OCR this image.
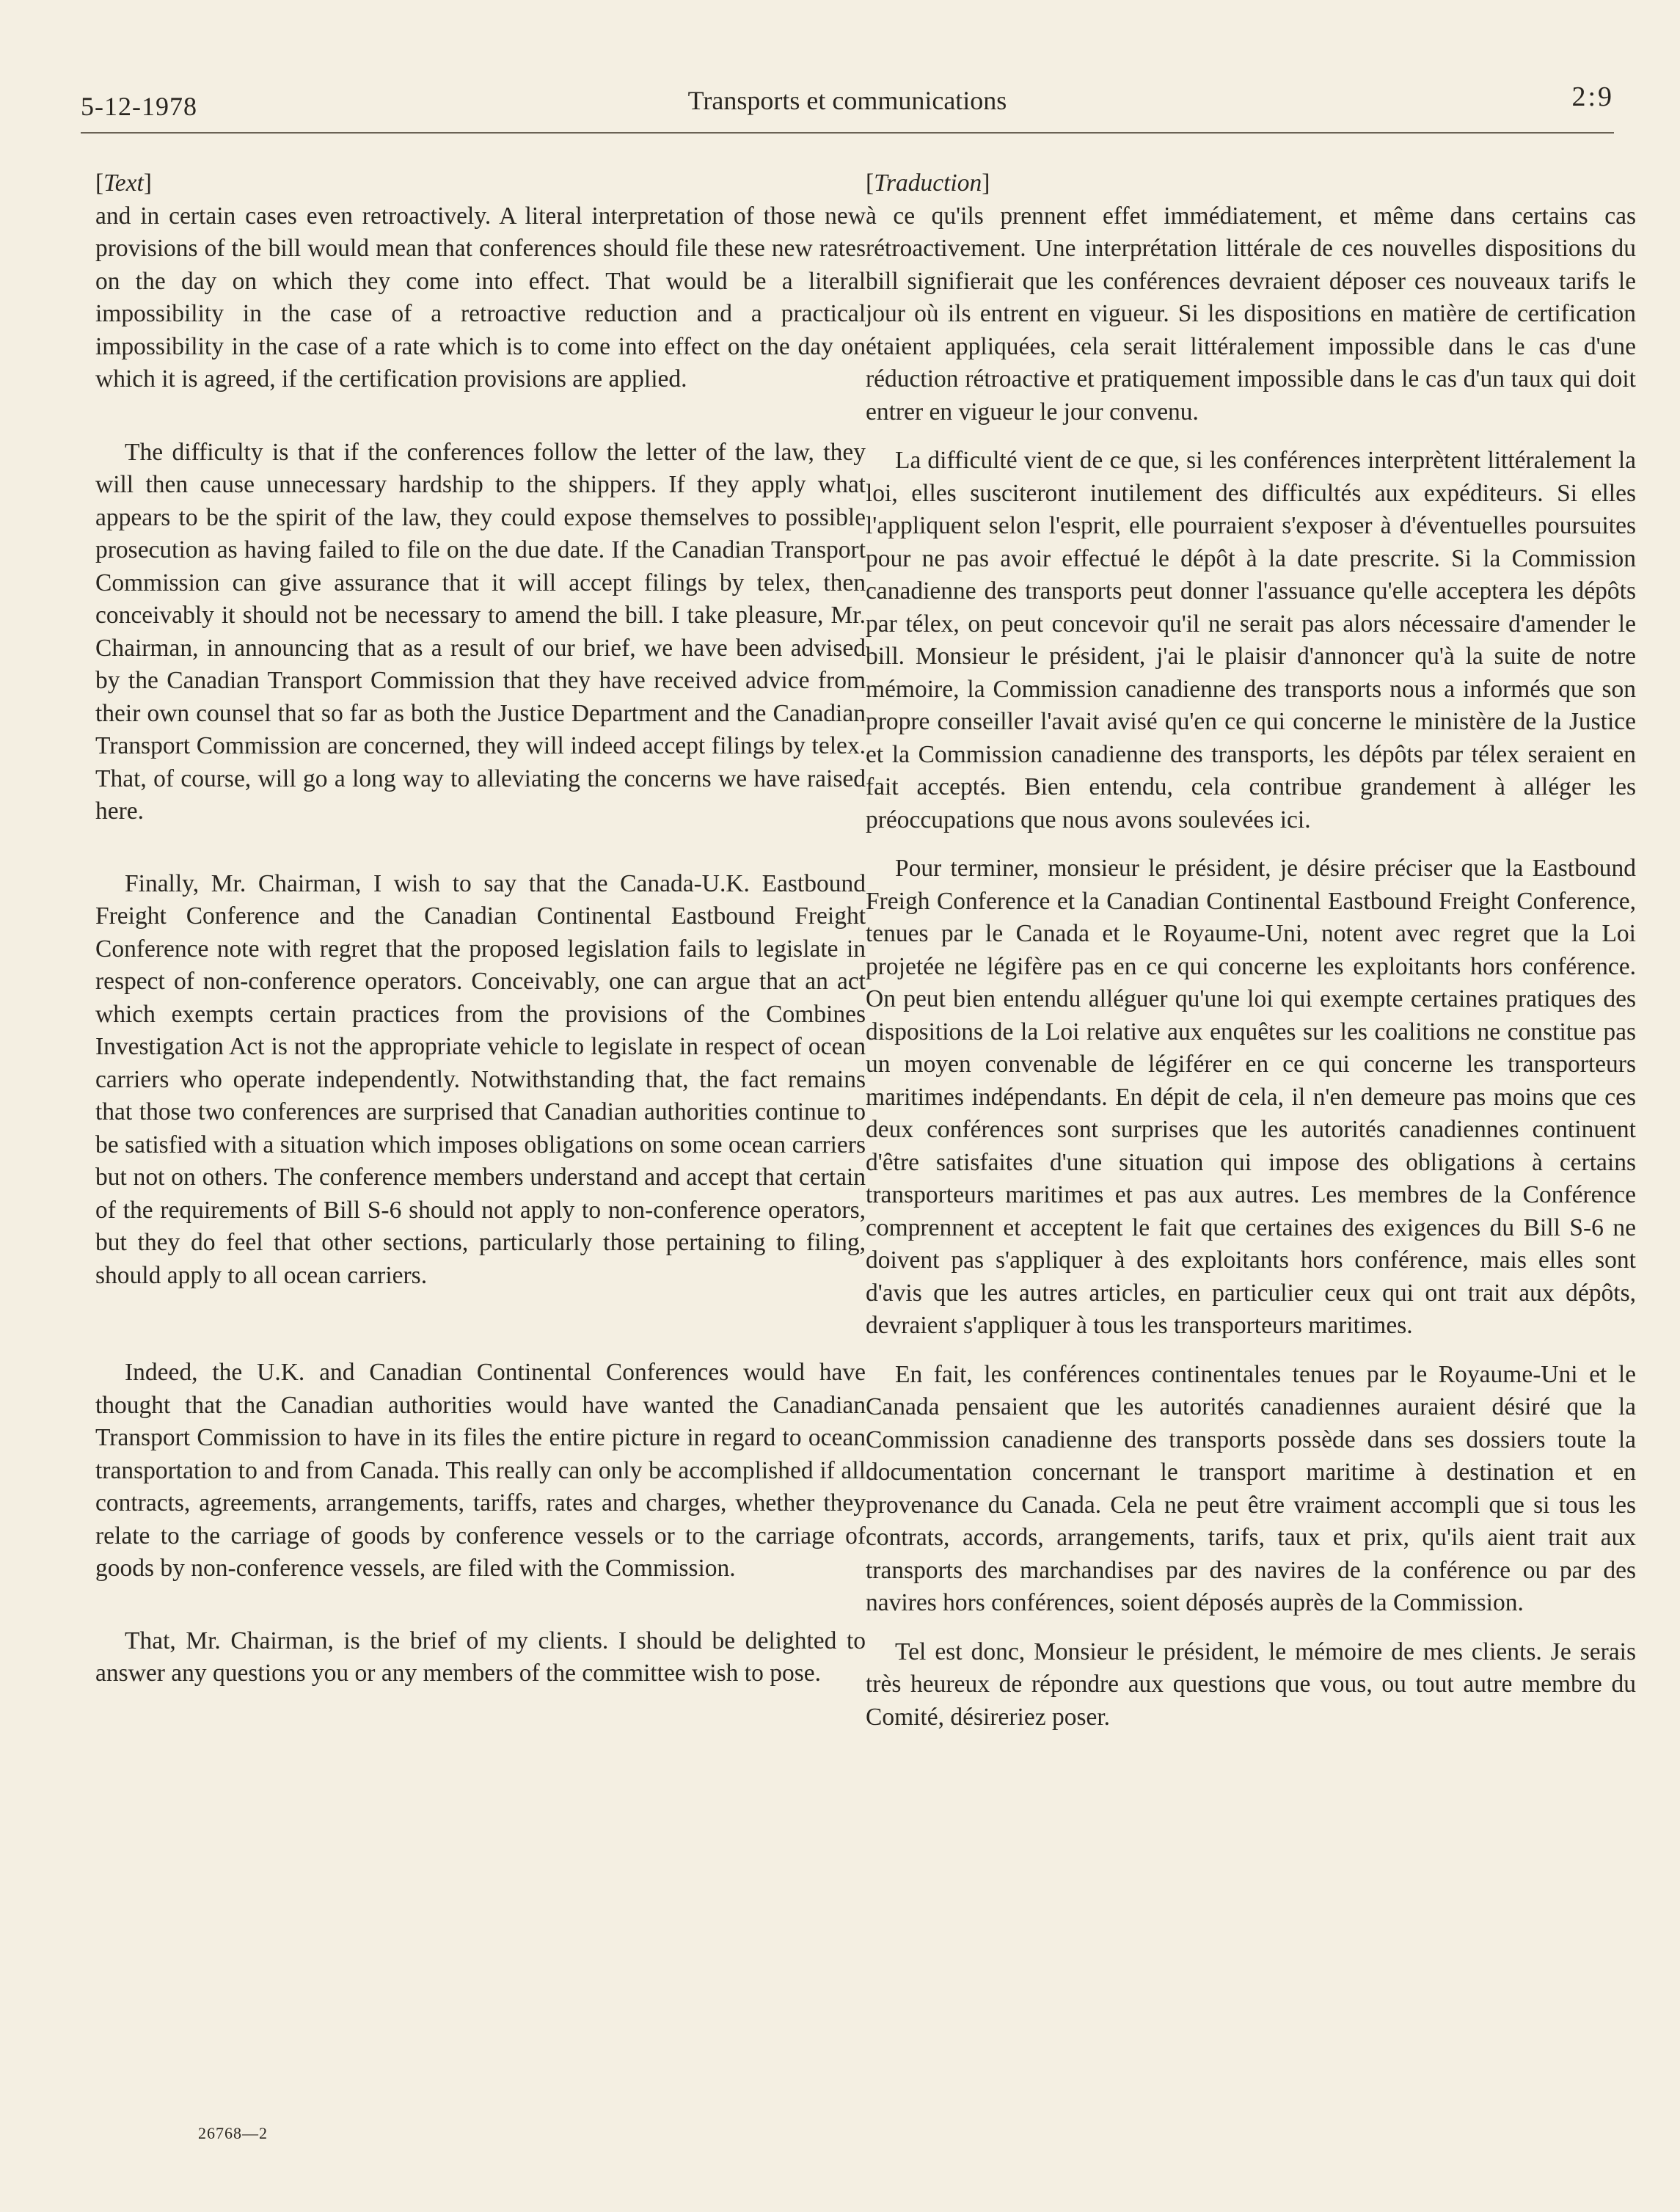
5-12-1978	Transports et communications	2:9
[ Text ]

and in certain cases even retroactively. A literal interpretation of those new provisions of the bill would mean that conferences should file these new rates on the day on which they come into effect. That would be a literal impossibility in the case of a retroactive reduction and a practical impossibility in the case of a rate which is to come into effect on the day on which it is agreed, if the certification provisions are applied.

The difficulty is that if the conferences follow the letter of the law, they will then cause unnecessary hardship to the shippers. If they apply what appears to be the spirit of the law, they could expose themselves to possible prosecution as having failed to file on the due date. If the Canadian Transport Commission can give assurance that it will accept filings by telex, then conceivably it should not be necessary to amend the bill. I take pleasure, Mr. Chairman, in announcing that as a result of our brief, we have been advised by the Canadian Transport Commission that they have received advice from their own counsel that so far as both the Justice Department and the Canadian Transport Commission are concerned, they will indeed accept filings by telex. That, of course, will go a long way to alleviating the concerns we have raised here.

Finally, Mr. Chairman, I wish to say that the Canada-U.K. Eastbound Freight Conference and the Canadian Continental Eastbound Freight Conference note with regret that the proposed legislation fails to legislate in respect of non-conference operators. Conceivably, one can argue that an act which exempts certain practices from the provisions of the Combines Investigation Act is not the appropriate vehicle to legislate in respect of ocean carriers who operate independently. Notwithstanding that, the fact remains that those two conferences are surprised that Canadian authorities continue to be satisfied with a situation which imposes obligations on some ocean carriers but not on others. The conference members understand and accept that certain of the requirements of Bill S-6 should not apply to non-conference operators, but they do feel that other sections, particularly those pertaining to filing, should apply to all ocean carriers.

Indeed, the U.K. and Canadian Continental Conferences would have thought that the Canadian authorities would have wanted the Canadian Transport Commission to have in its files the entire picture in regard to ocean transportation to and from Canada. This really can only be accomplished if all contracts, agreements, arrangements, tariffs, rates and charges, whether they relate to the carriage of goods by conference vessels or to the carriage of goods by non-conference vessels, are filed with the Commission.

That, Mr. Chairman, is the brief of my clients. I should be delighted to answer any questions you or any members of the committee wish to pose.

[ Traduction ]

à ce qu'ils prennent effet immédiatement, et même dans certains cas rétroactivement. Une interprétation littérale de ces nouvelles dispositions du bill signifierait que les conférences devraient déposer ces nouveaux tarifs le jour où ils entrent en vigueur. Si les dispositions en matière de certification étaient appliquées, cela serait littéralement impossible dans le cas d'une réduction rétroactive et pratiquement impossible dans le cas d'un taux qui doit entrer en vigueur le jour convenu.

La difficulté vient de ce que, si les conférences interprètent littéralement la loi, elles susciteront inutilement des difficultés aux expéditeurs. Si elles l'appliquent selon l'esprit, elle pourraient s'exposer à d'éventuelles poursuites pour ne pas avoir effectué le dépôt à la date prescrite. Si la Commission canadienne des transports peut donner l'assuance qu'elle acceptera les dépôts par télex, on peut concevoir qu'il ne serait pas alors nécessaire d'amender le bill. Monsieur le président, j'ai le plaisir d'annoncer qu'à la suite de notre mémoire, la Commission canadienne des transports nous a informés que son propre conseiller l'avait avisé qu'en ce qui concerne le ministère de la Justice et la Commission canadienne des transports, les dépôts par télex seraient en fait acceptés. Bien entendu, cela contribue grandement à alléger les préoccupations que nous avons soulevées ici.

Pour terminer, monsieur le président, je désire préciser que la Eastbound Freigh Conference et la Canadian Continental Eastbound Freight Conference, tenues par le Canada et le Royaume-Uni, notent avec regret que la Loi projetée ne légifère pas en ce qui concerne les exploitants hors conférence. On peut bien entendu alléguer qu'une loi qui exempte certaines pratiques des dispositions de la Loi relative aux enquêtes sur les coalitions ne constitue pas un moyen convenable de légiférer en ce qui concerne les transporteurs maritimes indépendants. En dépit de cela, il n'en demeure pas moins que ces deux conférences sont surprises que les autorités canadiennes continuent d'être satisfaites d'une situation qui impose des obligations à certains transporteurs maritimes et pas aux autres. Les membres de la Conférence comprennent et acceptent le fait que certaines des exigences du Bill S-6 ne doivent pas s'appliquer à des exploitants hors conférence, mais elles sont d'avis que les autres articles, en particulier ceux qui ont trait aux dépôts, devraient s'appliquer à tous les transporteurs maritimes.

En fait, les conférences continentales tenues par le Royaume-Uni et le Canada pensaient que les autorités canadiennes auraient désiré que la Commission canadienne des transports possède dans ses dossiers toute la documentation concernant le transport maritime à destination et en provenance du Canada. Cela ne peut être vraiment accompli que si tous les contrats, accords, arrangements, tarifs, taux et prix, qu'ils aient trait aux transports des marchandises par des navires de la conférence ou par des navires hors conférences, soient déposés auprès de la Commission.

Tel est donc, Monsieur le président, le mémoire de mes clients. Je serais très heureux de répondre aux questions que vous, ou tout autre membre du Comité, désireriez poser.

26768—2
